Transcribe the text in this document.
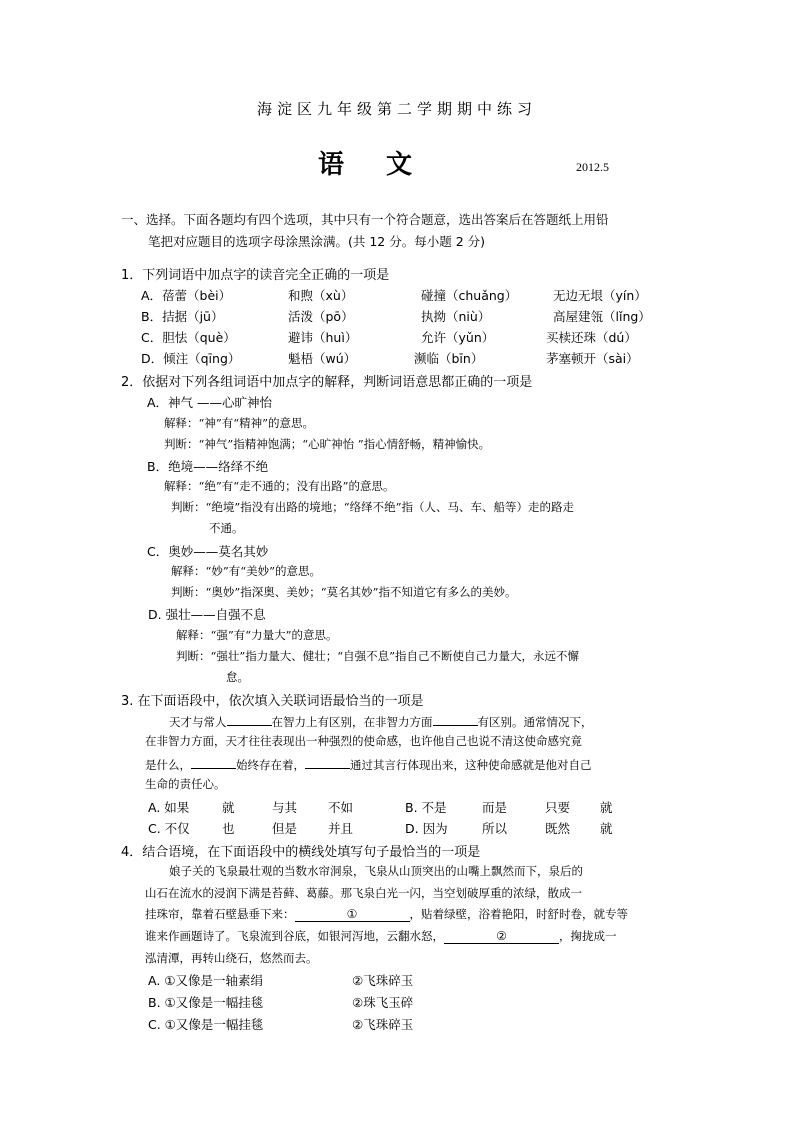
海淀区九年级第二学期期中练习
语 文	2012.5
一、选择。下面各题均有四个选项，其中只有一个符合题意，选出答案后在答题纸上用铅
笔把对应题目的选项字母涂黑涂满。(共 12 分。每小题 2 分)
1．下列词语中加点字的读音完全正确的一项是
A．蓓蕾（bèi）	和煦（xù）	碰撞（chuǎng）	无边无垠（yín）
B．拮据（jū）	活泼（pō）	执拗（niù）	高屋建瓴（lǐng）
C．胆怯（què）	避讳（huì）	允许（yǔn）	买椟还珠（dú）
D．倾注（qīng）	魁梧（wú）	濒临（bīn）	茅塞顿开（sài）
2．依据对下列各组词语中加点字的解释，判断词语意思都正确的一项是
A．神气 ——心旷神怡
解释：“神”有“精神”的意思。
判断：“神气”指精神饱满；“心旷神怡 ”指心情舒畅，精神愉快。
B．绝境——络绎不绝
解释：“绝”有“走不通的；没有出路”的意思。
判断：“绝境”指没有出路的境地；“络绎不绝”指（人、马、车、船等）走的路走
不通。
C．奥妙——莫名其妙
解释：“妙”有“美妙”的意思。
判断：“奥妙”指深奥、美妙；“莫名其妙”指不知道它有多么的美妙。
D. 强壮——自强不息
解释：“强”有“力量大”的意思。
判断：“强壮”指力量大、健壮；“自强不息”指自己不断使自己力量大，永远不懈
怠。
3. 在下面语段中，依次填入关联词语最恰当的一项是
天才与常人	在智力上有区别，在非智力方面	有区别。通常情况下，
在非智力方面，天才往往表现出一种强烈的使命感，也许他自己也说不清这使命感究竟
是什么，	始终存在着，	通过其言行体现出来，这种使命感就是他对自己
生命的责任心。
A. 如果	就	与其 不如	B. 不是	而是	只要 就
C. 不仅	也	但是 并且	D. 因为	所以	既然 就
4．结合语境，在下面语段中的横线处填写句子最恰当的一项是
娘子关的飞泉最壮观的当数水帘洞泉，飞泉从山顶突出的山嘴上飘然而下，泉后的
山石在流水的浸润下满是苔藓、葛藤。那飞泉白光一闪，当空划破厚重的浓绿，散成一
挂珠帘，靠着石壁悬垂下来：	①	，贴着绿壁，浴着艳阳，时舒时卷，就专等
谁来作画题诗了。飞泉流到谷底，如银河泻地，云翻水怒，	②	，掬拢成一
泓清潭，再转山绕石，悠然而去。
A. ①又像是一轴素绢	②飞珠碎玉
B. ①又像是一幅挂毯	②珠飞玉碎
C. ①又像是一幅挂毯	②飞珠碎玉
